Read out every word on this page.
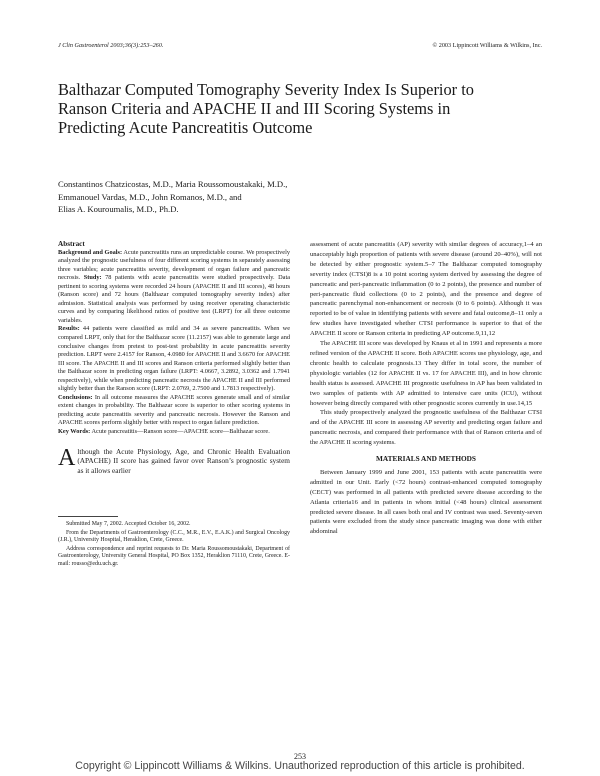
J Clin Gastroenterol 2003;36(3):253–260.	© 2003 Lippincott Williams & Wilkins, Inc.
Balthazar Computed Tomography Severity Index Is Superior to Ranson Criteria and APACHE II and III Scoring Systems in Predicting Acute Pancreatitis Outcome
Constantinos Chatzicostas, M.D., Maria Roussomoustakaki, M.D.,
Emmanouel Vardas, M.D., John Romanos, M.D., and
Elias A. Kouroumalis, M.D., Ph.D.

Abstract

Background and Goals: Acute pancreatitis runs an unpredictable course. We prospectively analyzed the prognostic usefulness of four different scoring systems in separately assessing three variables; acute pancreatitis severity, development of organ failure and pancreatic necrosis. Study: 78 patients with acute pancreatitis were studied prospectively. Data pertinent to scoring systems were recorded 24 hours (APACHE II and III scores), 48 hours (Ranson score) and 72 hours (Balthazar computed tomography severity index) after admission. Statistical analysis was performed by using receiver operating characteristic curves and by comparing likelihood ratios of positive test (LRPT) for all three outcome variables.

Results: 44 patients were classified as mild and 34 as severe pancreatitis. When we compared LRPT, only that for the Balthazar score (11.2157) was able to generate large and conclusive changes from pretest to post-test probability in acute pancreatitis severity prediction. LRPT were 2.4157 for Ranson, 4.0980 for APACHE II and 3.6670 for APACHE III score. The APACHE II and III scores and Ranson criteria performed slightly better than the Balthazar score in predicting organ failure (LRPT: 4.0667, 3.2892, 3.0362 and 1.7941 respectively), while when predicting pancreatic necrosis the APACHE II and III performed slightly better than the Ranson score (LRPT: 2.0769, 2.7500 and 1.7813 respectively).

Conclusions: In all outcome measures the APACHE scores generate small and of similar extent changes in probability. The Balthazar score is superior to other scoring systems in predicting acute pancreatitis severity and pancreatic necrosis. However the Ranson and APACHE scores perform slightly better with respect to organ failure prediction.

Key Words: Acute pancreatitis—Ranson score—APACHE score—Balthazar score.

Although the Acute Physiology, Age, and Chronic Health Evaluation (APACHE) II score has gained favor over Ranson’s prognostic system as it allows earlier

Submitted May 7, 2002. Accepted October 16, 2002.

From the Departments of Gastroenterology (C.C., M.R., E.V., E.A.K.) and Surgical Oncology (J.R.), University Hospital, Heraklion, Crete, Greece.

Address correspondence and reprint requests to Dr. Maria Roussomoustakaki, Department of Gastroenterology, University General Hospital, PO Box 1352, Heraklion 71110, Crete, Greece. E-mail: rousso@edu.uch.gr.

assessment of acute pancreatitis (AP) severity with similar degrees of accuracy,1–4 an unacceptably high proportion of patients with severe disease (around 20–40%), will not be detected by either prognostic system.5–7 The Balthazar computed tomography severity index (CTSI)8 is a 10 point scoring system derived by assessing the degree of pancreatic and peri-pancreatic inflammation (0 to 2 points), the presence and number of peri-pancreatic fluid collections (0 to 2 points), and the presence and degree of pancreatic parenchymal non-enhancement or necrosis (0 to 6 points). Although it was reported to be of value in identifying patients with severe and fatal outcome,8–11 only a few studies have investigated whether CTSI performance is superior to that of the APACHE II score or Ranson criteria in predicting AP outcome.9,11,12

The APACHE III score was developed by Knaus et al in 1991 and represents a more refined version of the APACHE II score. Both APACHE scores use physiology, age, and chronic health to calculate prognosis.13 They differ in total score, the number of physiologic variables (12 for APACHE II vs. 17 for APACHE III), and in how chronic health status is assessed. APACHE III prognostic usefulness in AP has been validated in two samples of patients with AP admitted to intensive care units (ICU), without however being directly compared with other prognostic scores currently in use.14,15

This study prospectively analyzed the prognostic usefulness of the Balthazar CTSI and of the APACHE III score in assessing AP severity and predicting organ failure and pancreatic necrosis, and compared their performance with that of Ranson criteria and of the APACHE II scoring systems.

MATERIALS AND METHODS

Between January 1999 and June 2001, 153 patients with acute pancreatitis were admitted in our Unit. Early (<72 hours) contrast-enhanced computed tomography (CECT) was performed in all patients with predicted severe disease according to the Atlanta criteria16 and in patients in whom initial (<48 hours) clinical assessment predicted severe disease. In all cases both oral and IV contrast was used. Seventy-seven patients were excluded from the study since pancreatic imaging was done with either abdominal

253
Copyright © Lippincott Williams & Wilkins. Unauthorized reproduction of this article is prohibited.
